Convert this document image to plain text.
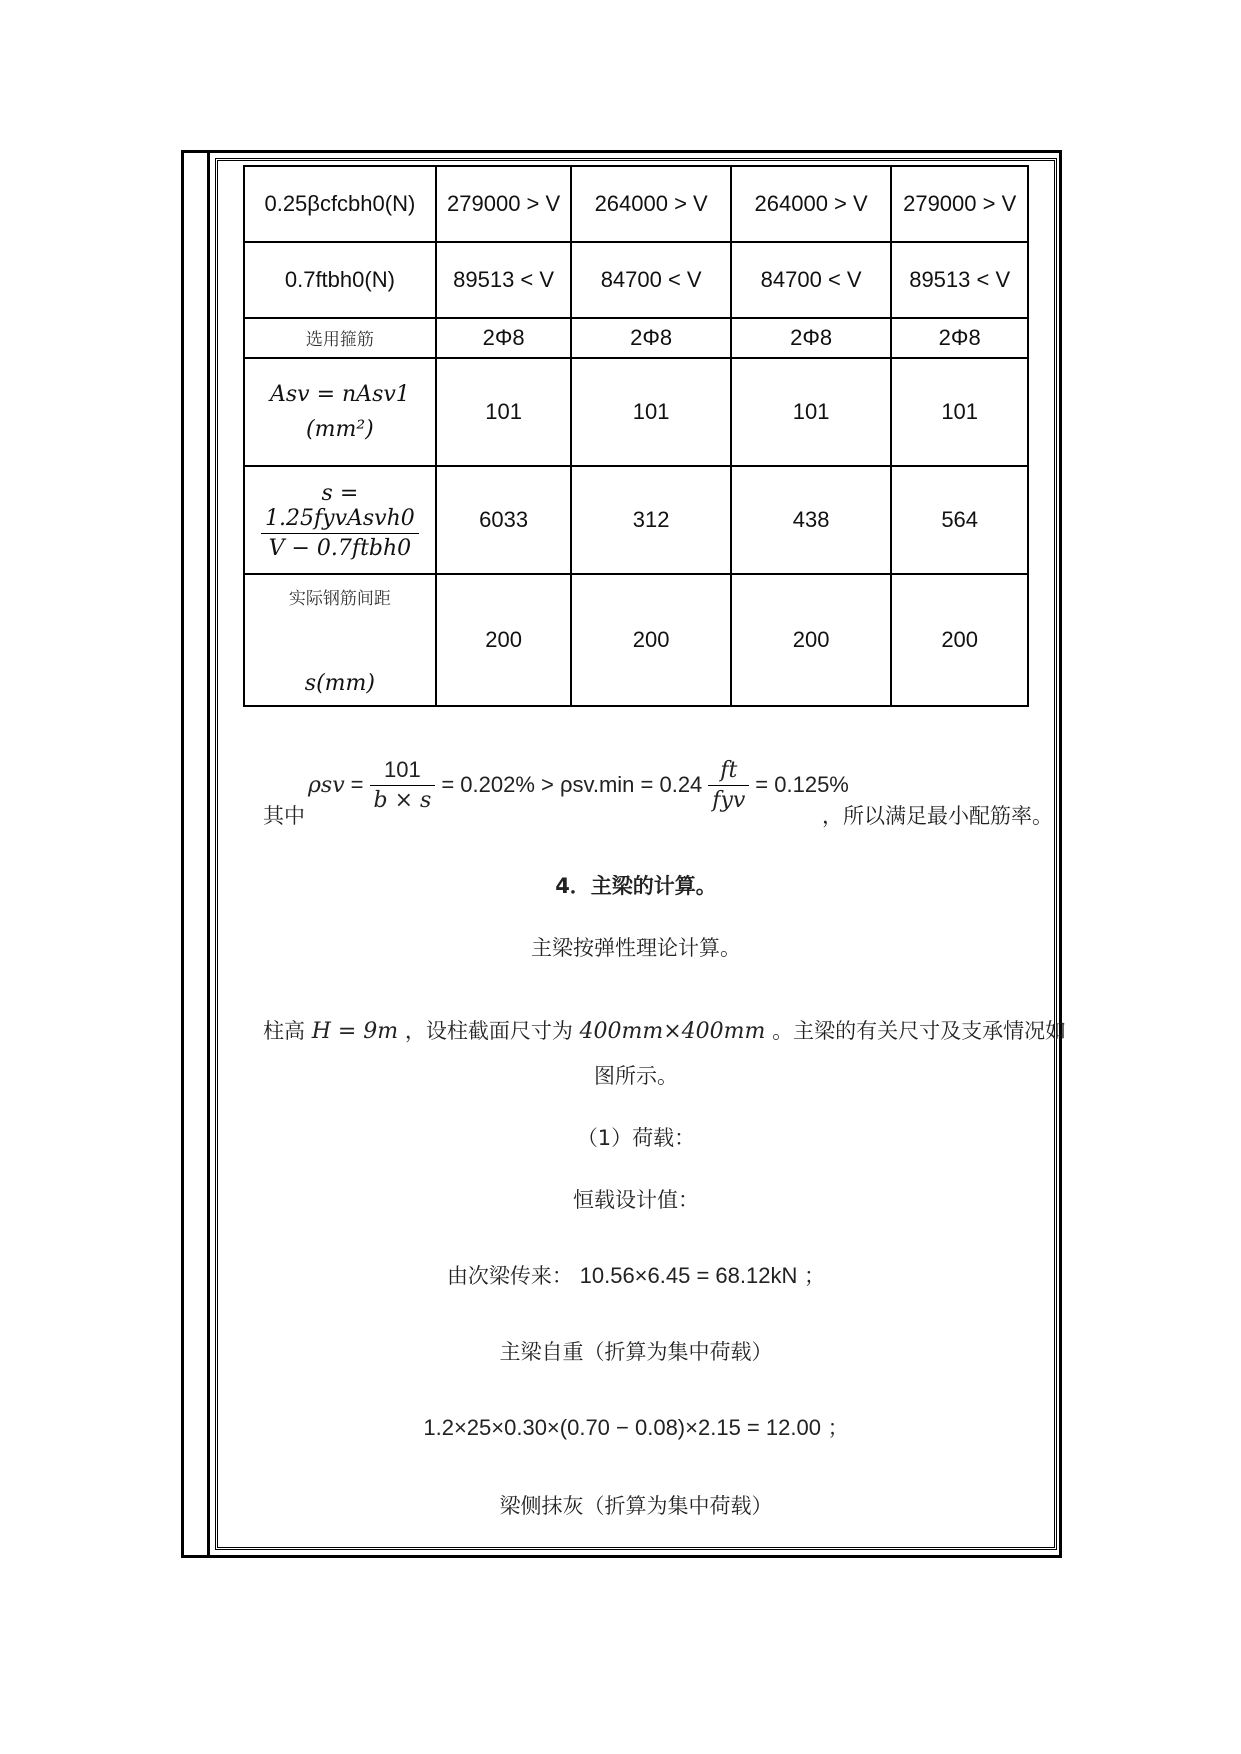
0.25βcfcbh0(N)	279000 > V	264000 > V	264000 > V	279000 > V
0.7ftbh0(N)	89513 < V	84700 < V	84700 < V	89513 < V
选用箍筋	2Φ8	2Φ8	2Φ8	2Φ8

Asv = nAsv1
(mm²)	101	101	101	101
s =
$\frac{\text{1.25fyvAsvh0}}{\text{V − 0.7ftbh0}}$	6033	312	438	564

实际钢筋间距
s(mm)	200	200	200	200
其中
$\rho sv = \frac{101}{b \times s} = 0.202\% > \rho sv.\min = 0.24 \frac{ft}{\text{fyv}} = 0.125\%$
，所以满足最小配筋率。
4．主梁的计算。
主梁按弹性理论计算。
柱高 H = 9m ，设柱截面尺寸为 400mm×400mm 。主梁的有关尺寸及支承情况如
图所示。
（1）荷载：
恒载设计值：
由次梁传来： 10.56×6.45 = 68.12kN ；
主梁自重（折算为集中荷载）
1.2×25×0.30×(0.70 − 0.08)×2.15 = 12.00 ；
梁侧抹灰（折算为集中荷载）
